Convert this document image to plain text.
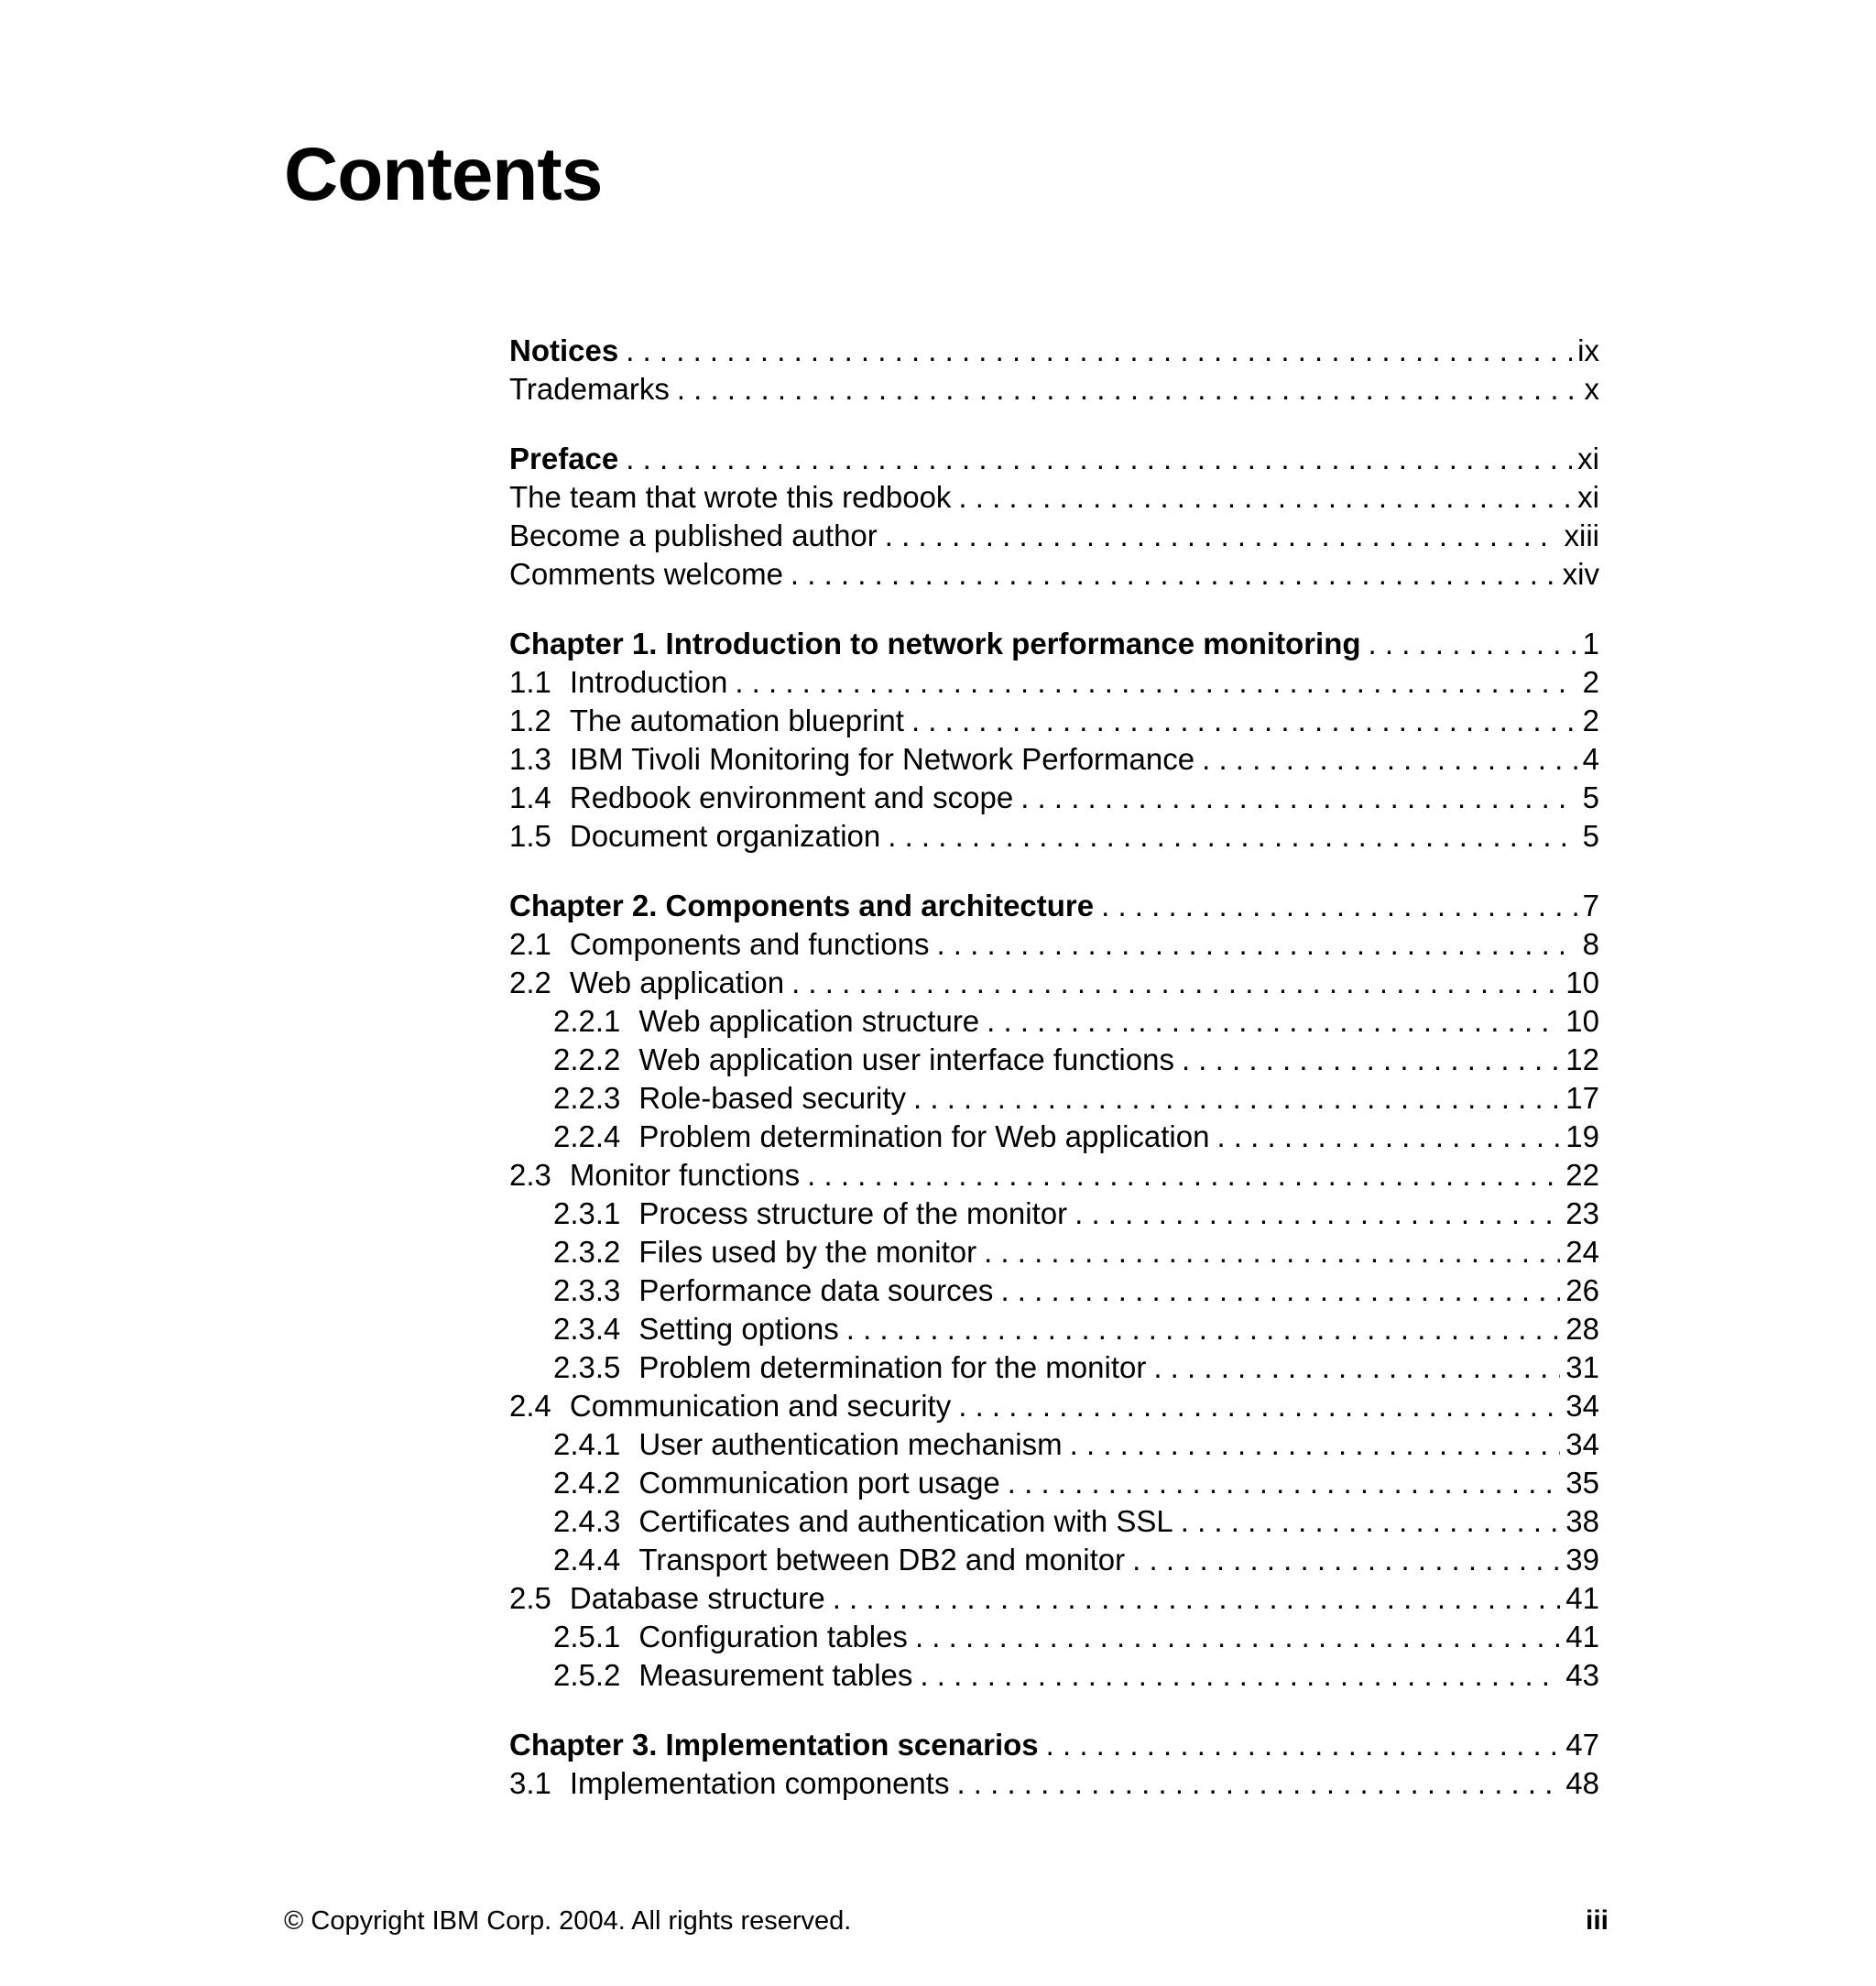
Contents
Notices . . .	ix
Trademarks . . .	x
Preface . . .	xi
The team that wrote this redbook . . .	xi
Become a published author . . .	xiii
Comments welcome . . .	xiv
Chapter 1. Introduction to network performance monitoring . . .	1
1.1 Introduction . . .	2
1.2 The automation blueprint . . .	2
1.3 IBM Tivoli Monitoring for Network Performance . . .	4
1.4 Redbook environment and scope . . .	5
1.5 Document organization . . .	5
Chapter 2. Components and architecture . . .	7
2.1 Components and functions . . .	8
2.2 Web application . . .	10
2.2.1 Web application structure . . .	10
2.2.2 Web application user interface functions . . .	12
2.2.3 Role-based security . . .	17
2.2.4 Problem determination for Web application . . .	19
2.3 Monitor functions . . .	22
2.3.1 Process structure of the monitor . . .	23
2.3.2 Files used by the monitor . . .	24
2.3.3 Performance data sources . . .	26
2.3.4 Setting options . . .	28
2.3.5 Problem determination for the monitor . . .	31
2.4 Communication and security . . .	34
2.4.1 User authentication mechanism . . .	34
2.4.2 Communication port usage . . .	35
2.4.3 Certificates and authentication with SSL . . .	38
2.4.4 Transport between DB2 and monitor . . .	39
2.5 Database structure . . .	41
2.5.1 Configuration tables . . .	41
2.5.2 Measurement tables . . .	43
Chapter 3. Implementation scenarios . . .	47
3.1 Implementation components . . .	48
© Copyright IBM Corp. 2004. All rights reserved.	iii
